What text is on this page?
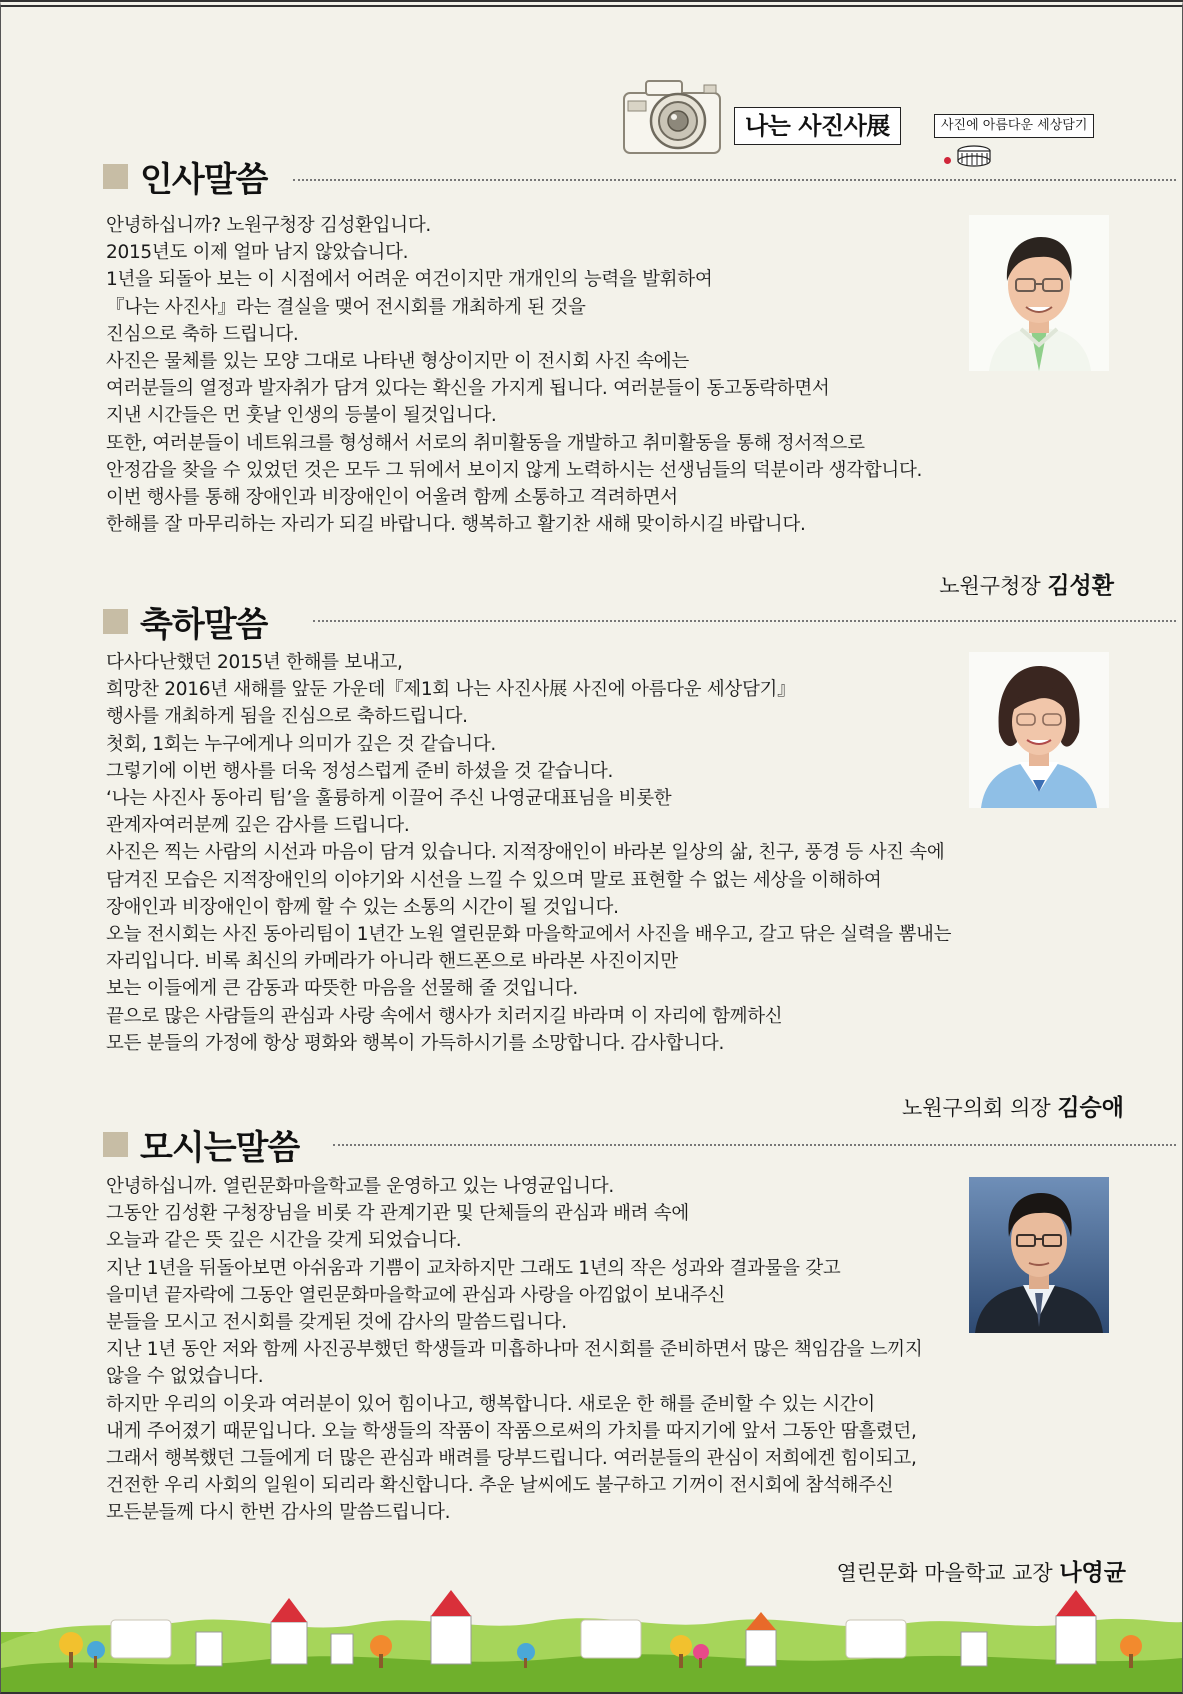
나는 사진사展	사진에 아름다운 세상담기
인사말씀
안녕하십니까? 노원구청장 김성환입니다.
2015년도 이제 얼마 남지 않았습니다.
1년을 되돌아 보는 이 시점에서 어려운 여건이지만 개개인의 능력을 발휘하여
『나는 사진사』라는 결실을 맺어 전시회를 개최하게 된 것을
진심으로 축하 드립니다.
사진은 물체를 있는 모양 그대로 나타낸 형상이지만 이 전시회 사진 속에는
여러분들의 열정과 발자취가 담겨 있다는 확신을 가지게 됩니다. 여러분들이 동고동락하면서
지낸 시간들은 먼 훗날 인생의 등불이 될것입니다.
또한, 여러분들이 네트워크를 형성해서 서로의 취미활동을 개발하고 취미활동을 통해 정서적으로
안정감을 찾을 수 있었던 것은 모두 그 뒤에서 보이지 않게 노력하시는 선생님들의 덕분이라 생각합니다.
이번 행사를 통해 장애인과 비장애인이 어울려 함께 소통하고 격려하면서
한해를 잘 마무리하는 자리가 되길 바랍니다. 행복하고 활기찬 새해 맞이하시길 바랍니다.
노원구청장 김성환
축하말씀
다사다난했던 2015년 한해를 보내고,
희망찬 2016년 새해를 앞둔 가운데『제1회 나는 사진사展 사진에 아름다운 세상담기』
행사를 개최하게 됨을 진심으로 축하드립니다.
첫회, 1회는 누구에게나 의미가 깊은 것 같습니다.
그렇기에 이번 행사를 더욱 정성스럽게 준비 하셨을 것 같습니다.
‘나는 사진사 동아리 팀’을 훌륭하게 이끌어 주신 나영균대표님을 비롯한
관계자여러분께 깊은 감사를 드립니다.
사진은 찍는 사람의 시선과 마음이 담겨 있습니다. 지적장애인이 바라본 일상의 삶, 친구, 풍경 등 사진 속에
담겨진 모습은 지적장애인의 이야기와 시선을 느낄 수 있으며 말로 표현할 수 없는 세상을 이해하여
장애인과 비장애인이 함께 할 수 있는 소통의 시간이 될 것입니다.
오늘 전시회는 사진 동아리팀이 1년간 노원 열린문화 마을학교에서 사진을 배우고, 갈고 닦은 실력을 뽐내는
자리입니다. 비록 최신의 카메라가 아니라 핸드폰으로 바라본 사진이지만
보는 이들에게 큰 감동과 따뜻한 마음을 선물해 줄 것입니다.
끝으로 많은 사람들의 관심과 사랑 속에서 행사가 치러지길 바라며 이 자리에 함께하신
모든 분들의 가정에 항상 평화와 행복이 가득하시기를 소망합니다. 감사합니다.
노원구의회 의장 김승애
모시는말씀
안녕하십니까. 열린문화마을학교를 운영하고 있는 나영균입니다.
그동안 김성환 구청장님을 비롯 각 관계기관 및 단체들의 관심과 배려 속에
오늘과 같은 뜻 깊은 시간을 갖게 되었습니다.
지난 1년을 뒤돌아보면 아쉬움과 기쁨이 교차하지만 그래도 1년의 작은 성과와 결과물을 갖고
을미년 끝자락에 그동안 열린문화마을학교에 관심과 사랑을 아낌없이 보내주신
분들을 모시고 전시회를 갖게된 것에 감사의 말씀드립니다.
지난 1년 동안 저와 함께 사진공부했던 학생들과 미흡하나마 전시회를 준비하면서 많은 책임감을 느끼지
않을 수 없었습니다.
하지만 우리의 이웃과 여러분이 있어 힘이나고, 행복합니다. 새로운 한 해를 준비할 수 있는 시간이
내게 주어졌기 때문입니다. 오늘 학생들의 작품이 작품으로써의 가치를 따지기에 앞서 그동안 땀흘렸던,
그래서 행복했던 그들에게 더 많은 관심과 배려를 당부드립니다. 여러분들의 관심이 저희에겐 힘이되고,
건전한 우리 사회의 일원이 되리라 확신합니다. 추운 날씨에도 불구하고 기꺼이 전시회에 참석해주신
모든분들께 다시 한번 감사의 말씀드립니다.
열린문화 마을학교 교장 나영균
